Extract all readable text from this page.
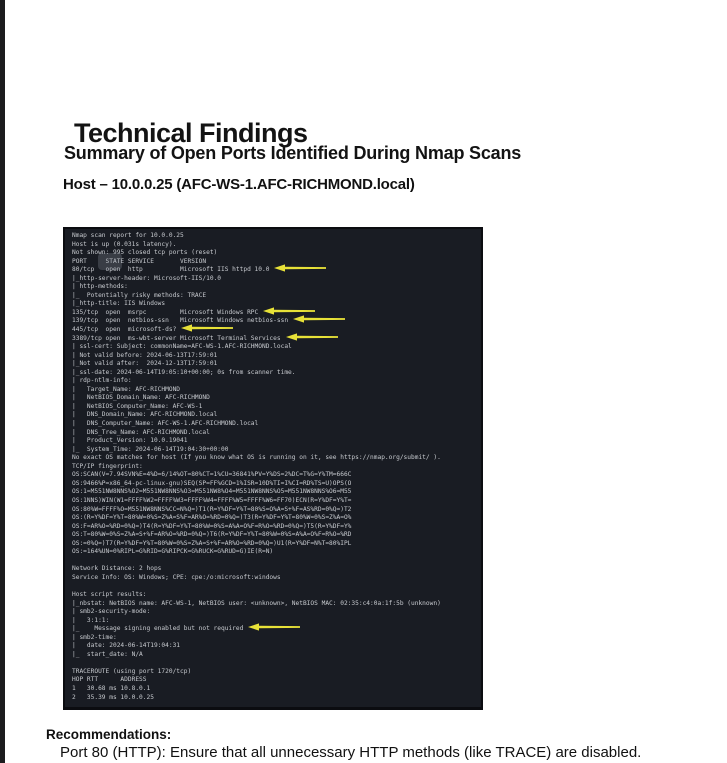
Technical Findings
Summary of Open Ports Identified During Nmap Scans
Host – 10.0.0.25 (AFC-WS-1.AFC-RICHMOND.local)
Nmap scan report for 10.0.0.25
Host is up (0.031s latency).
Not shown: 995 closed tcp ports (reset)
PORT     STATE SERVICE       VERSION
80/tcp   open  http          Microsoft IIS httpd 10.0
|_http-server-header: Microsoft-IIS/10.0
| http-methods:
|_  Potentially risky methods: TRACE
|_http-title: IIS Windows
135/tcp  open  msrpc         Microsoft Windows RPC
139/tcp  open  netbios-ssn   Microsoft Windows netbios-ssn
445/tcp  open  microsoft-ds?
3389/tcp open  ms-wbt-server Microsoft Terminal Services
| ssl-cert: Subject: commonName=AFC-WS-1.AFC-RICHMOND.local
| Not valid before: 2024-06-13T17:59:01
|_Not valid after:  2024-12-13T17:59:01
|_ssl-date: 2024-06-14T19:05:10+00:00; 0s from scanner time.
| rdp-ntlm-info:
|   Target_Name: AFC-RICHMOND
|   NetBIOS_Domain_Name: AFC-RICHMOND
|   NetBIOS_Computer_Name: AFC-WS-1
|   DNS_Domain_Name: AFC-RICHMOND.local
|   DNS_Computer_Name: AFC-WS-1.AFC-RICHMOND.local
|   DNS_Tree_Name: AFC-RICHMOND.local
|   Product_Version: 10.0.19041
|_  System_Time: 2024-06-14T19:04:30+00:00
No exact OS matches for host (If you know what OS is running on it, see https://nmap.org/submit/ ).
TCP/IP fingerprint:
OS:SCAN(V=7.94SVN%E=4%D=6/14%OT=80%CT=1%CU=36841%PV=Y%DS=2%DC=T%G=Y%TM=666C
OS:9466%P=x86_64-pc-linux-gnu)SEQ(SP=FF%GCD=1%ISR=10D%TI=I%CI=RD%TS=U)OPS(O
OS:1=M551NW8NNS%O2=M551NW8NNS%O3=M551NW8%O4=M551NW8NNS%O5=M551NW8NNS%O6=M55
OS:1NNS)WIN(W1=FFFF%W2=FFFF%W3=FFFF%W4=FFFF%W5=FFFF%W6=FF70)ECN(R=Y%DF=Y%T=
OS:80%W=FFFF%O=M551NW8NNS%CC=N%Q=)T1(R=Y%DF=Y%T=80%S=O%A=S+%F=AS%RD=0%Q=)T2
OS:(R=Y%DF=Y%T=80%W=0%S=Z%A=S%F=AR%O=%RD=0%Q=)T3(R=Y%DF=Y%T=80%W=0%S=Z%A=O%
OS:F=AR%O=%RD=0%Q=)T4(R=Y%DF=Y%T=80%W=0%S=A%A=O%F=R%O=%RD=0%Q=)T5(R=Y%DF=Y%
OS:T=80%W=0%S=Z%A=S+%F=AR%O=%RD=0%Q=)T6(R=Y%DF=Y%T=80%W=0%S=A%A=O%F=R%O=%RD
OS:=0%Q=)T7(R=Y%DF=Y%T=80%W=0%S=Z%A=S+%F=AR%O=%RD=0%Q=)U1(R=Y%DF=N%T=80%IPL
OS:=164%UN=0%RIPL=G%RID=G%RIPCK=G%RUCK=G%RUD=G)IE(R=N)
Network Distance: 2 hops
Service Info: OS: Windows; CPE: cpe:/o:microsoft:windows
Host script results:
|_nbstat: NetBIOS name: AFC-WS-1, NetBIOS user: <unknown>, NetBIOS MAC: 02:35:c4:0a:1f:5b (unknown)
| smb2-security-mode:
|   3:1:1:
|_    Message signing enabled but not required
| smb2-time:
|   date: 2024-06-14T19:04:31
|_  start_date: N/A
TRACEROUTE (using port 1720/tcp)
HOP RTT      ADDRESS
1   30.68 ms 10.8.0.1
2   35.39 ms 10.0.0.25
Recommendations:
Port 80 (HTTP): Ensure that all unnecessary HTTP methods (like TRACE) are disabled.
